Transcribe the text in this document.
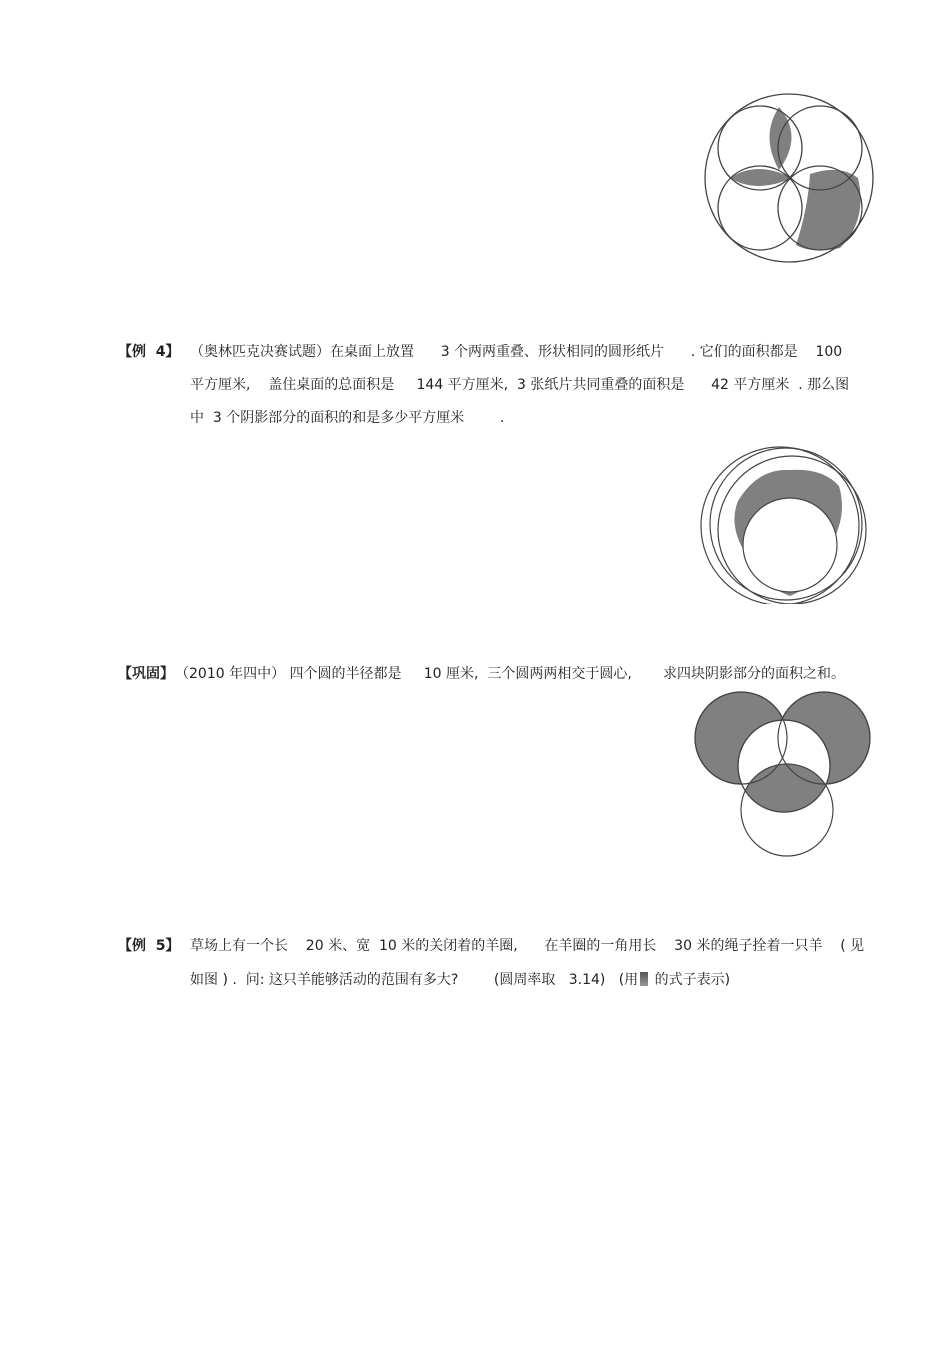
【例  4】 （奥林匹克决赛试题）在桌面上放置      3 个两两重叠、形状相同的圆形纸片      . 它们的面积都是    100
平方厘米,    盖住桌面的总面积是     144 平方厘米,  3 张纸片共同重叠的面积是      42 平方厘米  . 那么图
中  3 个阴影部分的面积的和是多少平方厘米        .
【巩固】 （2010 年四中） 四个圆的半径都是     10 厘米,  三个圆两两相交于圆心,       求四块阴影部分的面积之和。
【例  5】 草场上有一个长    20 米、宽  10 米的关闭着的羊圈,      在羊圈的一角用长    30 米的绳子拴着一只羊    ( 见
如图 ) .  问: 这只羊能够活动的范围有多大?        (圆周率取   3.14)   (用 的式子表示)
